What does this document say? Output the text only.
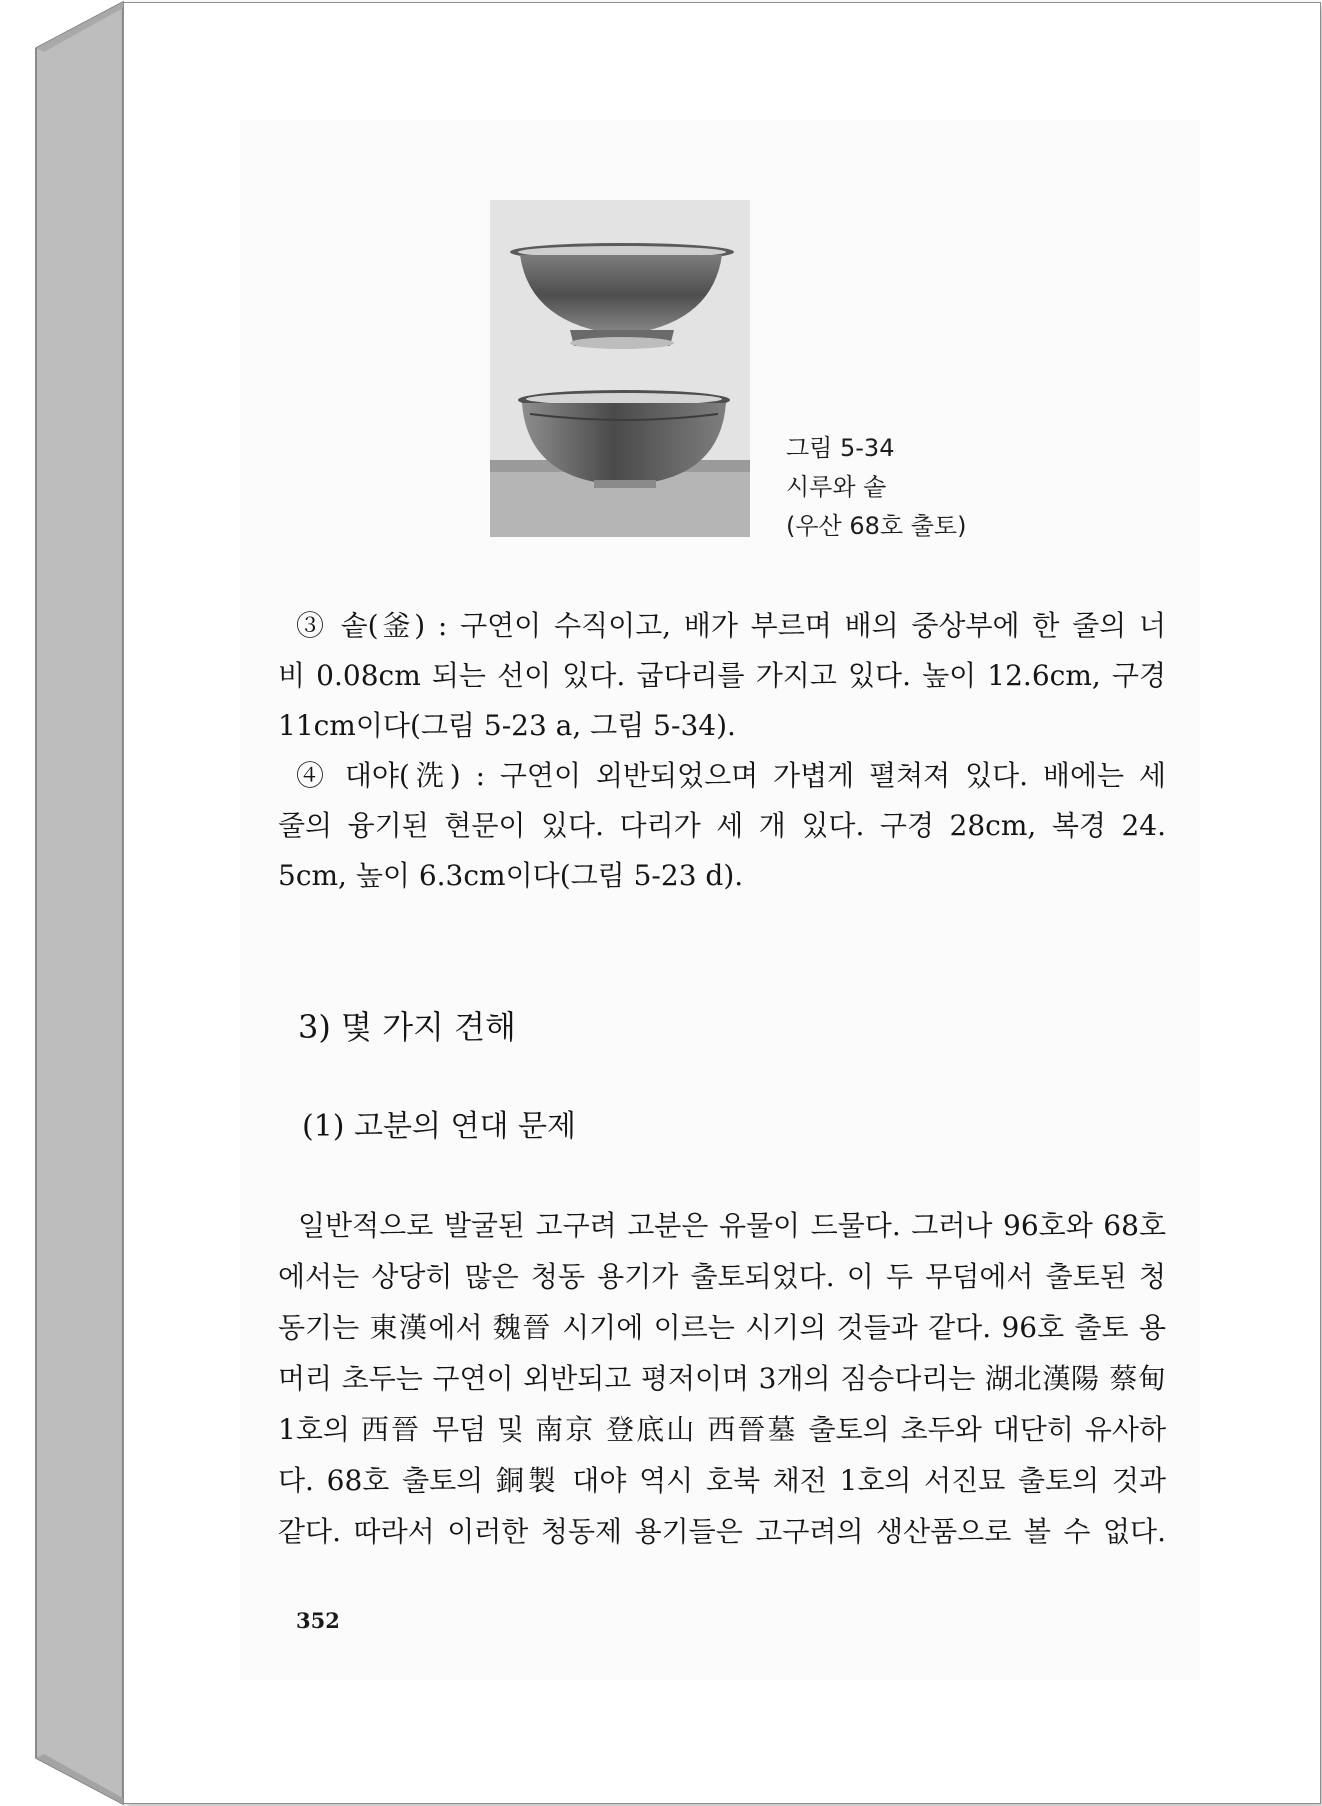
그림 5-34
시루와 솥
(우산 68호 출토)
③ 솥(釜) : 구연이 수직이고, 배가 부르며 배의 중상부에 한 줄의 너
비 0.08cm 되는 선이 있다. 굽다리를 가지고 있다. 높이 12.6cm, 구경
11cm이다(그림 5-23 a, 그림 5-34).
④ 대야(洗) : 구연이 외반되었으며 가볍게 펼쳐져 있다. 배에는 세
줄의 융기된 현문이 있다. 다리가 세 개 있다. 구경 28cm, 복경 24.
5cm, 높이 6.3cm이다(그림 5-23 d).
3) 몇 가지 견해
(1) 고분의 연대 문제
일반적으로 발굴된 고구려 고분은 유물이 드물다. 그러나 96호와 68호
에서는 상당히 많은 청동 용기가 출토되었다. 이 두 무덤에서 출토된 청
동기는 東漢에서 魏晉 시기에 이르는 시기의 것들과 같다. 96호 출토 용
머리 초두는 구연이 외반되고 평저이며 3개의 짐승다리는 湖北漢陽 蔡甸
1호의 西晉 무덤 및 南京 登底山 西晉墓 출토의 초두와 대단히 유사하
다. 68호 출토의 銅製 대야 역시 호북 채전 1호의 서진묘 출토의 것과
같다. 따라서 이러한 청동제 용기들은 고구려의 생산품으로 볼 수 없다.
352
